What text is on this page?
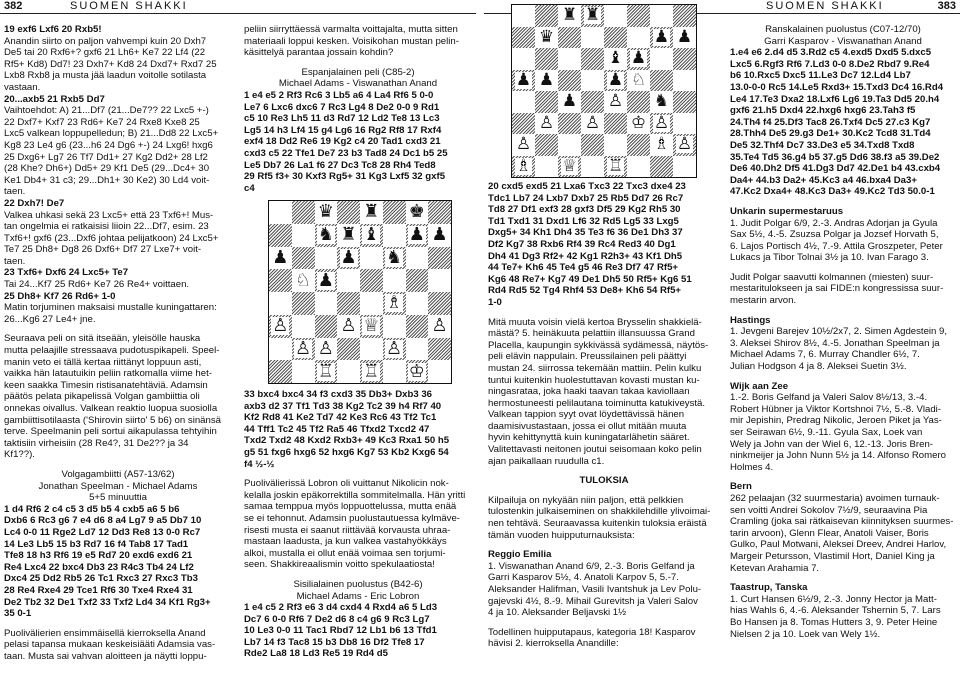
382	SUOMEN SHAKKI	SUOMEN SHAKKI	383
19 exf6 Lxf6 20 Rxb5!
Anandin siirto on paljon vahvempi kuin 20 Dxh7
De5 tai 20 Rxf6+? gxf6 21 Lh6+ Ke7 22 Lf4 (22
Rf5+ Kd8) Dd7! 23 Dxh7+ Kd8 24 Dxd7+ Rxd7 25
Lxb8 Rxb8 ja musta jää laadun voitolle sotilasta
vastaan.
20...axb5 21 Rxb5 Dd7
Vaihtoehdot: A) 21...Df7 (21...De7?? 22 Lxc5 +-)
22 Dxf7+ Kxf7 23 Rd6+ Ke7 24 Rxe8 Kxe8 25
Lxc5 valkean loppupelledun; B) 21...Dd8 22 Lxc5+
Kg8 23 Le4 g6 (23...h6 24 Dg6 +-) 24 Lxg6! hxg6
25 Dxg6+ Lg7 26 Tf7 Dd1+ 27 Kg2 Dd2+ 28 Lf2
(28 Khe? Dh6+) Dd5+ 29 Kf1 De5 (29...Dc4+ 30
Ke1 Db4+ 31 c3; 29...Dh1+ 30 Ke2) 30 Ld4 voit-
taen.
22 Dxh7! De7
Valkea uhkasi sekä 23 Lxc5+ että 23 Txf6+! Mus-
tan ongelmia ei ratkaisisi liioin 22...Df7, esim. 23
Txf6+! gxf6 (23...Dxf6 johtaa pelijatkoon) 24 Lxc5+
Te7 25 Dh8+ Dg8 26 Dxf6+ Df7 27 Lxe7+ voit-
taen.
23 Txf6+ Dxf6 24 Lxc5+ Te7
Tai 24...Kf7 25 Rd6+ Ke7 26 Re4+ voittaen.
25 Dh8+ Kf7 26 Rd6+ 1-0
Matin torjuminen maksaisi mustalle kuningattaren:
26...Kg6 27 Le4+ jne.
Seuraava peli on sitä itseään, yleisölle hauska
mutta pelaajille stressaava pudotuspikapeli. Speel-
manin veto ei tällä kertaa riittänyt loppuun asti,
vaikka hän latautuikin peliin ratkomalla viime het-
keen saakka Timesin ristisanatehtäviä. Adamsin
päätös pelata pikapelissä Volgan gambiittia oli
onnekas oivallus. Valkean reaktio luopua suosiolla
gambiittisotilaasta ('Shirovin siirto' 5 b6) on sinänsä
terve. Speelmanin peli sortui aikapulassa tehtyihin
taktisiin virheisiin (28 Re4?, 31 De2?? ja 34
Kf1??).
Volgagambiitti (A57-13/62)
Jonathan Speelman - Michael Adams
5+5 minuuttia
1 d4 Rf6 2 c4 c5 3 d5 b5 4 cxb5 a6 5 b6
Dxb6 6 Rc3 g6 7 e4 d6 8 a4 Lg7 9 a5 Db7 10
Lc4 0-0 11 Rge2 Ld7 12 Dd3 Re8 13 0-0 Rc7
14 Le3 Lb5 15 b3 Rd7 16 f4 Tab8 17 Tad1
Tfe8 18 h3 Rf6 19 e5 Rd7 20 exd6 exd6 21
Re4 Lxc4 22 bxc4 Db3 23 R4c3 Tb4 24 Lf2
Dxc4 25 Dd2 Rb5 26 Tc1 Rxc3 27 Rxc3 Tb3
28 Re4 Rxe4 29 Tce1 Rf6 30 Txe4 Rxe4 31
De2 Tb2 32 De1 Txf2 33 Txf2 Ld4 34 Kf1 Rg3+
35 0-1
Puolivälierien ensimmäisellä kierroksella Anand
pelasi tapansa mukaan keskeisiääti Adamsia vas-
taan. Musta sai vahvan aloitteen ja näytti loppu-
peliin siirryttäessä varmalta voittajalta, mutta sitten
materiaali loppui kesken. Voisikohan mustan pelin-
käsittelyä parantaa jossain kohdin?
Espanjalainen peli (C85-2)
Michael Adams - Viswanathan Anand
1 e4 e5 2 Rf3 Rc6 3 Lb5 a6 4 La4 Rf6 5 0-0
Le7 6 Lxc6 dxc6 7 Rc3 Lg4 8 De2 0-0 9 Rd1
c5 10 Re3 Lh5 11 d3 Rd7 12 Ld2 Te8 13 Lc3
Lg5 14 h3 Lf4 15 g4 Lg6 16 Rg2 Rf8 17 Rxf4
exf4 18 Dd2 Re6 19 Kg2 c4 20 Tad1 cxd3 21
cxd3 c5 22 Tfe1 De7 23 b3 Tad8 24 Dc1 b5 25
Le5 Db7 26 La1 f6 27 Dc3 Tc8 28 Rh4 Ted8
29 Rf5 f3+ 30 Kxf3 Rg5+ 31 Kg3 Lxf5 32 gxf5
c4
♛ ♜ ♚
♞ ♜ ♝ ♟ ♟
♟	♟ ♞
♘ ♟
♗
♙	♙ ♕	♙
♙ ♙	♙
♖ ♖ ♔
33 bxc4 bxc4 34 f3 cxd3 35 Db3+ Dxb3 36
axb3 d2 37 Tf1 Td3 38 Kg2 Tc2 39 h4 Rf7 40
Kf2 Rd8 41 Ke2 Td7 42 Ke3 Rc6 43 Tf2 Tc1
44 Tff1 Tc2 45 Tf2 Ra5 46 Tfxd2 Txcd2 47
Txd2 Txd2 48 Kxd2 Rxb3+ 49 Kc3 Rxa1 50 h5
g5 51 fxg6 hxg6 52 hxg6 Kg7 53 Kb2 Kxg6 54
f4 ½-½
Puolivälierissä Lobron oli vuittanut Nikolicin nok-
kelalla joskin epäkorrektilla sommitelmalla. Hän yritti
samaa temppua myös loppuottelussa, mutta enää
se ei tehonnut. Adamsin puolustautuessa kylmäve-
risesti musta ei saanut riittävää korvausta uhraa-
mastaan laadusta, ja kun valkea vastahyökkäys
alkoi, mustalla ei ollut enää voimaa sen torjumi-
seen. Shakkireaalismin voitto spekulaatiosta!
Sisilialainen puolustus (B42-6)
Michael Adams - Eric Lobron
1 e4 c5 2 Rf3 e6 3 d4 cxd4 4 Rxd4 a6 5 Ld3
Dc7 6 0-0 Rf6 7 De2 d6 8 c4 g6 9 Rc3 Lg7
10 Le3 0-0 11 Tac1 Rbd7 12 Lb1 b6 13 Tfd1
Lb7 14 f3 Tac8 15 b3 Db8 16 Df2 Tfe8 17
Rde2 La8 18 Ld3 Re5 19 Rd4 d5
♜ ♜
♛	♟ ♟
♝ ♟
♟ ♟	♟ ♘
♟ ♙ ♞
♙ ♙ ♔ ♙
♙	♗ ♙
♗ ♕ ♖
20 cxd5 exd5 21 Lxa6 Txc3 22 Txc3 dxe4 23
Tdc1 Lb7 24 Lxb7 Dxb7 25 Rb5 Dd7 26 Rc7
Td8 27 Df1 exf3 28 gxf3 Df5 29 Kg2 Rh5 30
Td1 Txd1 31 Dxd1 Lf6 32 Rd5 Lg5 33 Lxg5
Dxg5+ 34 Kh1 Dh4 35 Te3 f6 36 De1 Dh3 37
Df2 Kg7 38 Rxb6 Rf4 39 Rc4 Red3 40 Dg1
Dh4 41 Dg3 Rf2+ 42 Kg1 R2h3+ 43 Kf1 Dh5
44 Te7+ Kh6 45 Te4 g5 46 Re3 Df7 47 Rf5+
Kg6 48 Re7+ Kg7 49 De1 Dh5 50 Rf5+ Kg6 51
Rd4 Rd5 52 Tg4 Rhf4 53 De8+ Kh6 54 Rf5+
1-0
Mitä muuta voisin vielä kertoa Brysselin shakkielä-
mästä? 5. heinäkuuta pelattiin illansuussa Grand
Placella, kaupungin sykkivässä sydämessä, näytös-
peli elävin nappulain. Preussilainen peli päättyi
mustan 24. siirrossa tekemään mattiin. Pelin kulku
tuntui kuitenkin huolestuttavan kovasti mustan ku-
ningasrataa, joka haaki taavan takaa kaviollaan
hermostuneesti pelilautana toiminutta katukiveystä.
Valkean tappion syyt ovat löydettävissä hänen
daamisivustastaan, jossa ei ollut mitään muuta
hyvin kehittynyttä kuin kuningatarlähetin sääret.
Valitettavasti neitonen joutui seisomaan koko pelin
ajan paikallaan ruudulla c1.
TULOKSIA
Kilpailuja on nykyään niin paljon, että pelkkien
tulostenkin julkaiseminen on shakkilehdille ylivoimai-
nen tehtävä. Seuraavassa kuitenkin tuloksia eräistä
tämän vuoden huipputurnauksista:
Reggio Emilia
1. Viswanathan Anand 6/9, 2.-3. Boris Gelfand ja
Garri Kasparov 5½, 4. Anatoli Karpov 5, 5.-7.
Aleksander Halifman, Vasili Ivantshuk ja Lev Polu-
gajevski 4½, 8.-9. Mihail Gurevitsh ja Valeri Salov
4 ja 10. Aleksander Beljavski 1½
Todellinen huipputapaus, kategoria 18! Kasparov
hävisi 2. kierroksella Anandille:
Ranskalainen puolustus (C07-12/70)
Garri Kasparov - Viswanathan Anand
1.e4 e6 2.d4 d5 3.Rd2 c5 4.exd5 Dxd5 5.dxc5
Lxc5 6.Rgf3 Rf6 7.Ld3 0-0 8.De2 Rbd7 9.Re4
b6 10.Rxc5 Dxc5 11.Le3 Dc7 12.Ld4 Lb7
13.0-0-0 Rc5 14.Le5 Rxd3+ 15.Txd3 Dc4 16.Rd4
Le4 17.Te3 Dxa2 18.Lxf6 Lg6 19.Ta3 Dd5 20.h4
gxf6 21.h5 Dxd4 22.hxg6 hxg6 23.Tah3 f5
24.Th4 f4 25.Df3 Tac8 26.Txf4 Dc5 27.c3 Kg7
28.Thh4 De5 29.g3 De1+ 30.Kc2 Tcd8 31.Td4
De5 32.Thf4 Dc7 33.De3 e5 34.Txd8 Txd8
35.Te4 Td5 36.g4 b5 37.g5 Dd6 38.f3 a5 39.De2
De6 40.Dh2 Df5 41.Dg3 Dd7 42.De1 b4 43.cxb4
Da4+ 44.b3 Da2+ 45.Kc3 a4 46.bxa4 Da3+
47.Kc2 Dxa4+ 48.Kc3 Da3+ 49.Kc2 Td3 50.0-1
Unkarin supermestaruus
1. Judit Polgar 6/9, 2.-3. Andras Adorjan ja Gyula
Sax 5½, 4.-5. Zsuzsa Polgar ja Jozsef Horvath 5,
6. Lajos Portisch 4½, 7.-9. Attila Groszpeter, Peter
Lukacs ja Tibor Tolnai 3½ ja 10. Ivan Farago 3.
Judit Polgar saavutti kolmannen (miesten) suur-
mestaritulokseen ja sai FIDE:n kongressissa suur-
mestarin arvon.
Hastings
1. Jevgeni Barejev 10½/2x7, 2. Simen Agdestein 9,
3. Aleksei Shirov 8½, 4.-5. Jonathan Speelman ja
Michael Adams 7, 6. Murray Chandler 6½, 7.
Julian Hodgson 4 ja 8. Aleksei Suetin 3½.
Wijk aan Zee
1.-2. Boris Gelfand ja Valeri Salov 8½/13, 3.-4.
Robert Hübner ja Viktor Kortshnoi 7½, 5.-8. Vladi-
mir Jepishin, Predrag Nikolic, Jeroen Piket ja Yas-
ser Seirawan 6½, 9.-11. Gyula Sax, Loek van
Wely ja John van der Wiel 6, 12.-13. Joris Bren-
ninkmeijer ja John Nunn 5½ ja 14. Alfonso Romero
Holmes 4.
Bern
262 pelaajan (32 suurmestaria) avoimen turnauk-
sen voitti Andrei Sokolov 7½/9, seuraavina Pia
Cramling (joka sai rätkaisevan kiinnityksen suurmes-
tarin arvoon), Glenn Flear, Anatoli Vaiser, Boris
Gulko, Paul Motwani, Aleksei Dreev, Andrei Harlov,
Margeir Petursson, Vlastimil Hort, Daniel King ja
Ketevan Arahamia 7.
Taastrup, Tanska
1. Curt Hansen 6½/9, 2.-3. Jonny Hector ja Matt-
hias Wahls 6, 4.-6. Aleksander Tshernin 5, 7. Lars
Bo Hansen ja 8. Tomas Hutters 3, 9. Peter Heine
Nielsen 2 ja 10. Loek van Wely 1½.
